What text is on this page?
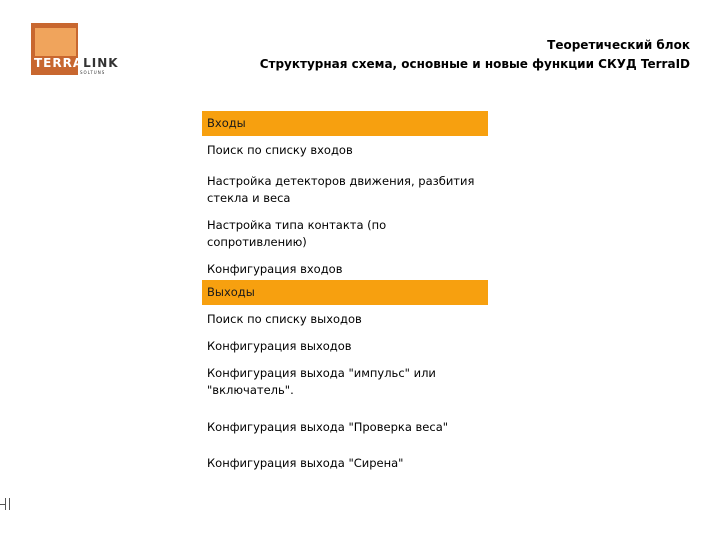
TERRALINK
SOLTUNS
Теоретический блок
Структурная схема, основные и новые функции СКУД TerraID
Входы
Поиск по списку входов
Настройка детекторов движения, разбития стекла и веса
Настройка типа контакта (по сопротивлению)
Конфигурация входов
Выходы
Поиск по списку выходов
Конфигурация выходов
Конфигурация выхода "импульс" или "включатель".
Конфигурация выхода "Проверка веса"
Конфигурация выхода "Сирена"
